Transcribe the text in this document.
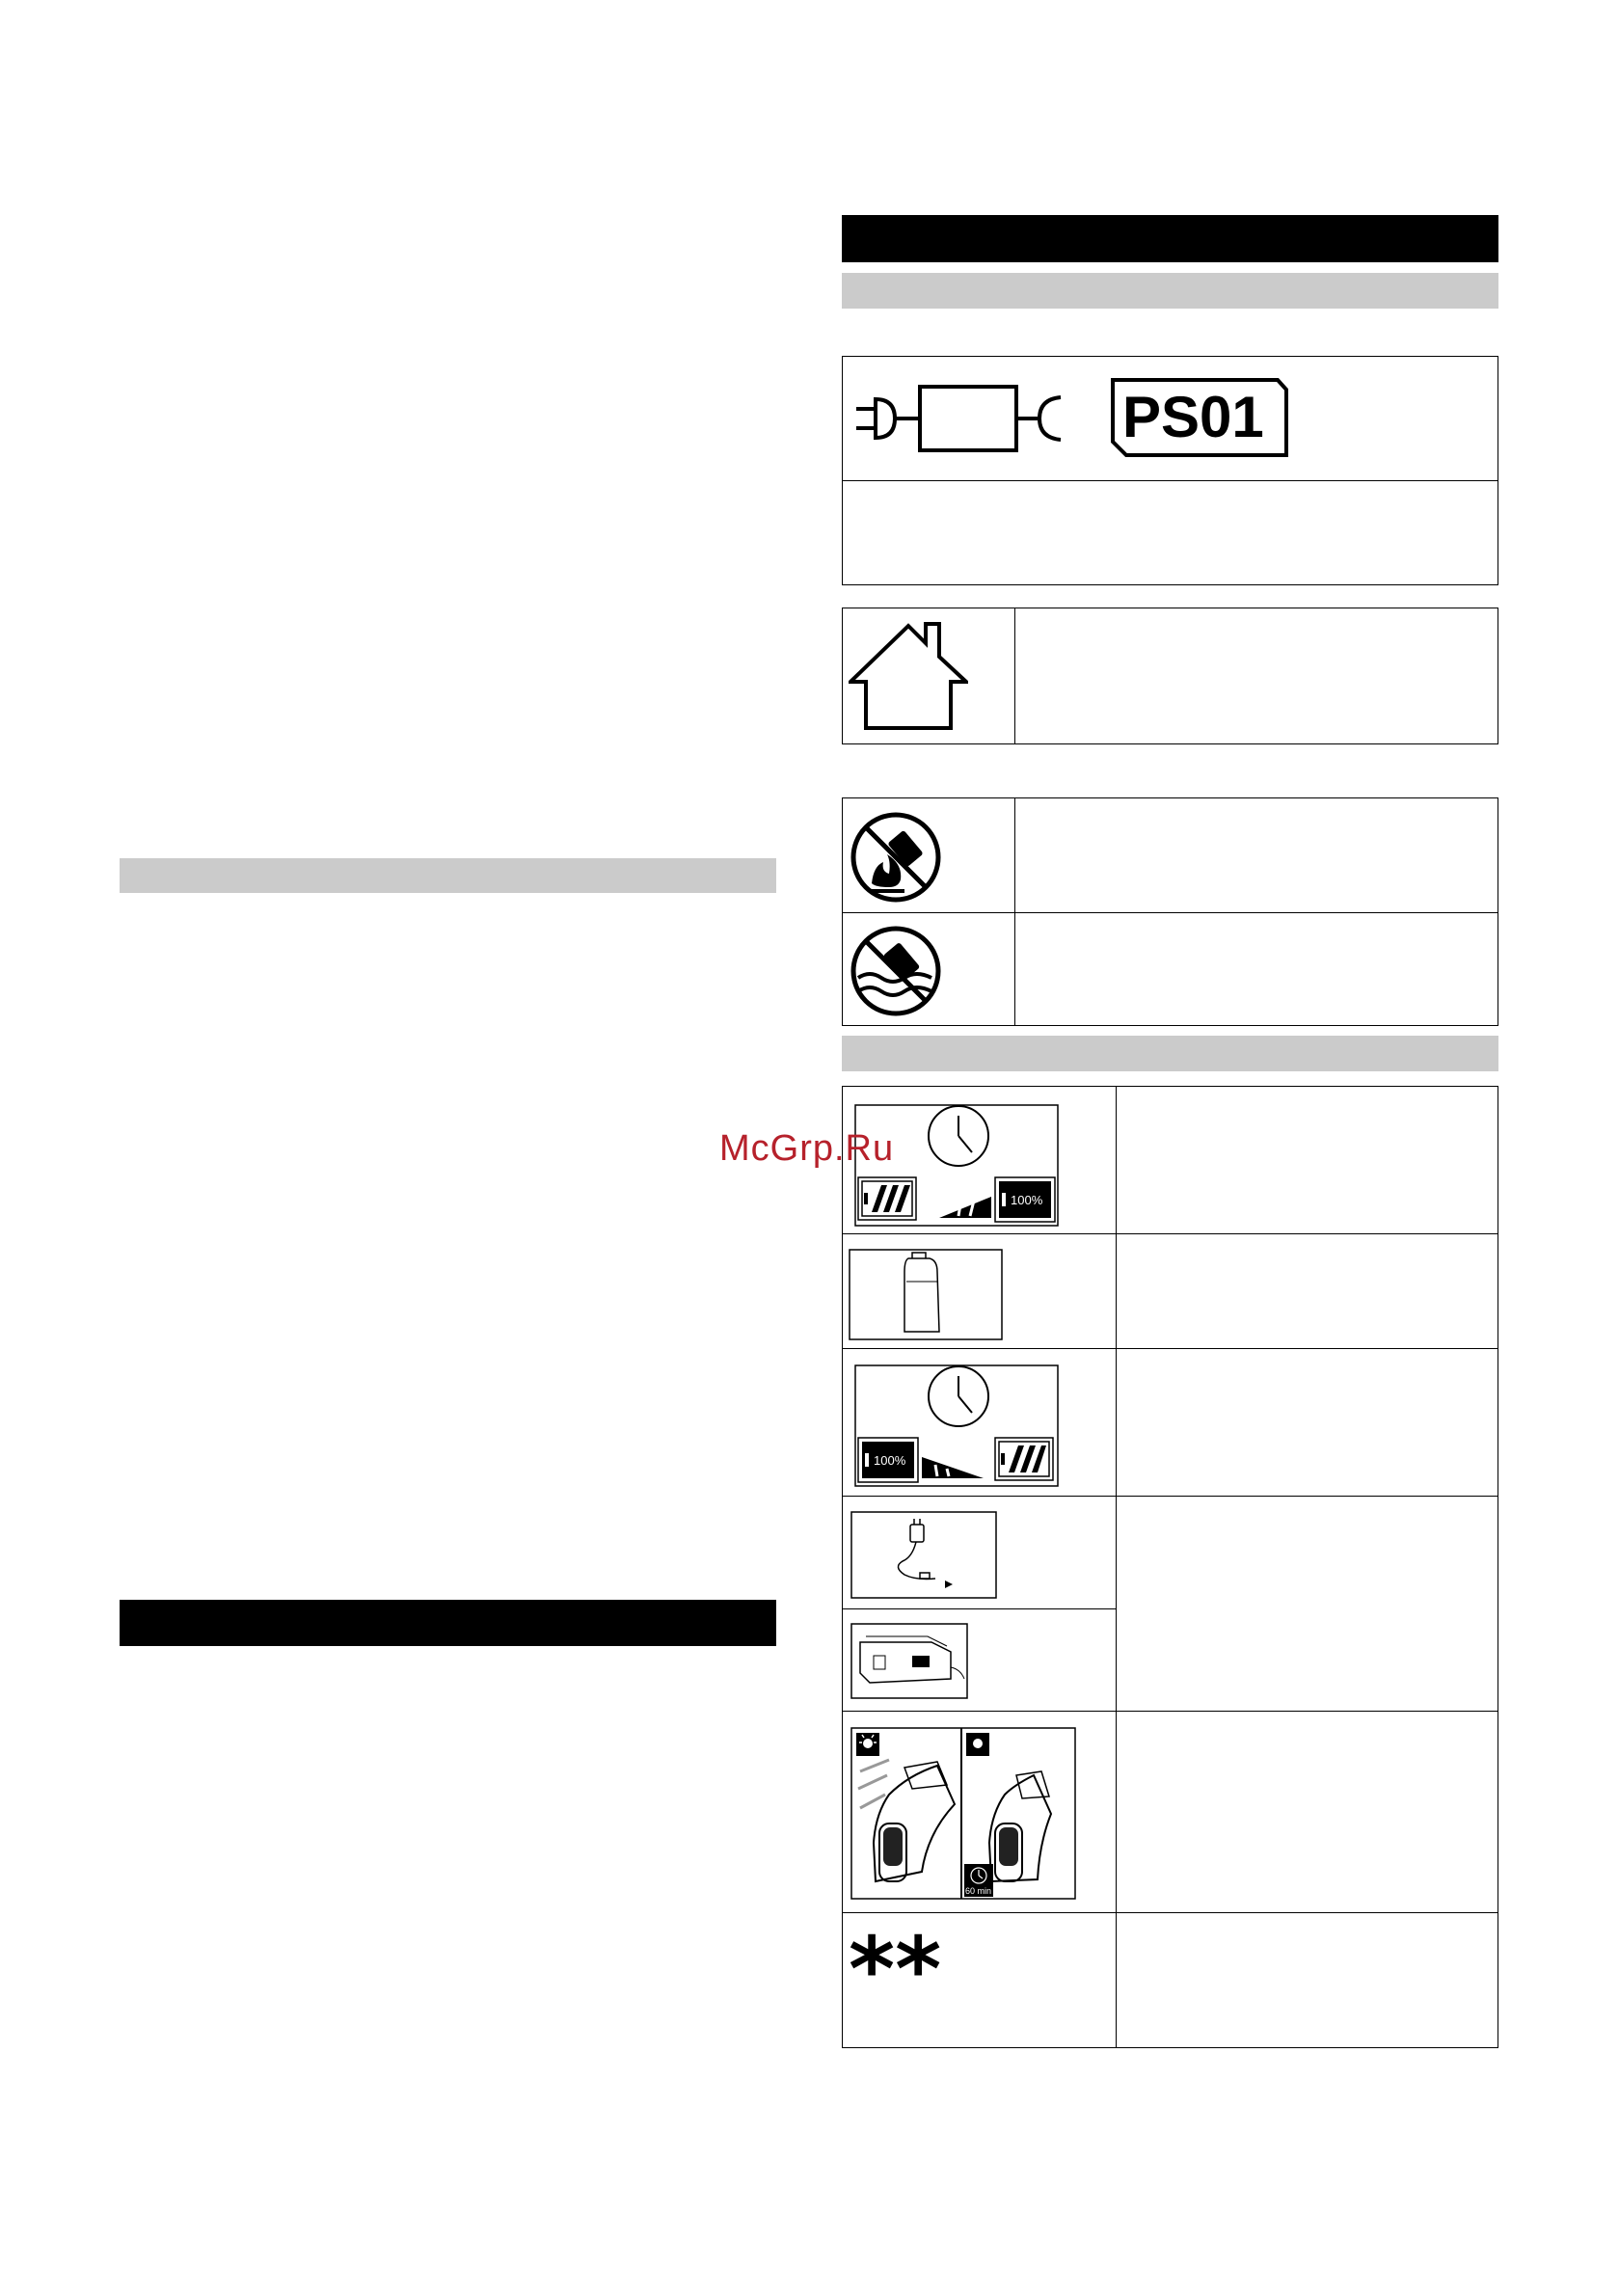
PS01
100%
100%
60 min
**
McGrp.Ru
